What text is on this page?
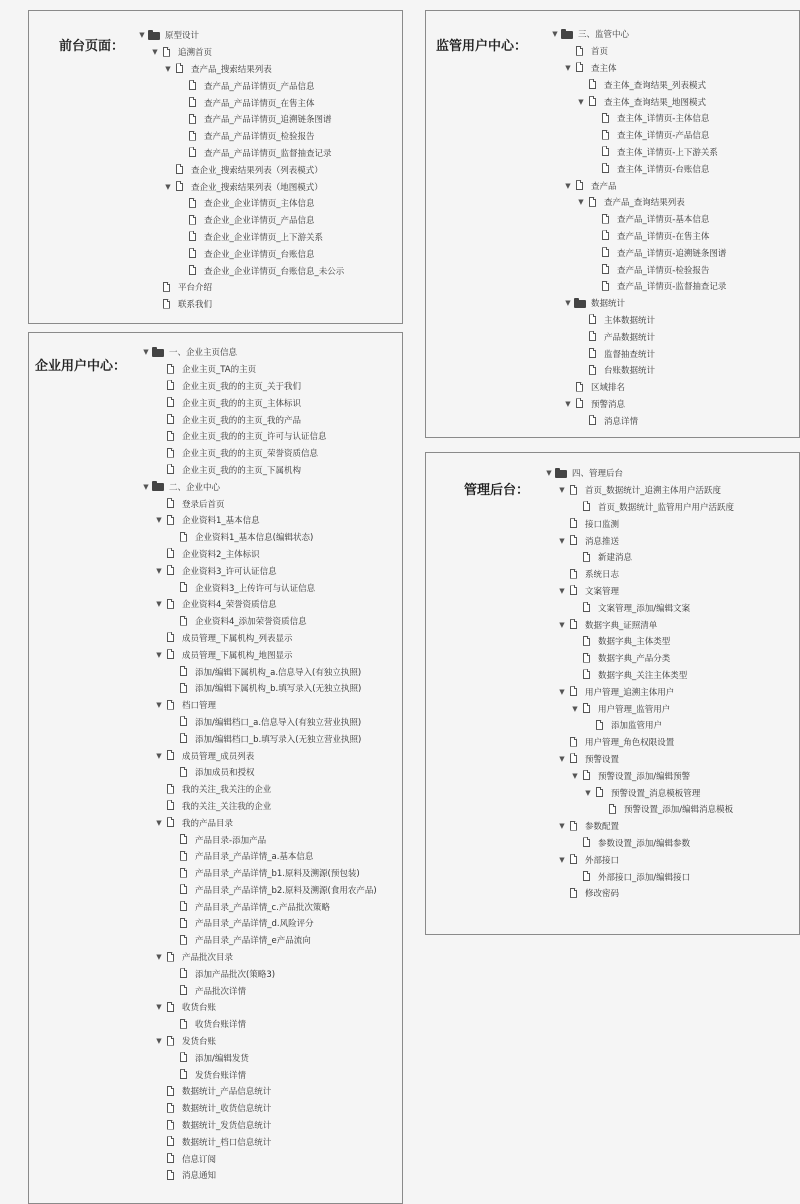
前台页面：
▼ 原型设计
▼ 追溯首页
▼ 查产品_搜索结果列表
查产品_产品详情页_产品信息
查产品_产品详情页_在售主体
查产品_产品详情页_追溯链条图谱
查产品_产品详情页_检验报告
查产品_产品详情页_监督抽查记录
查企业_搜索结果列表（列表模式）
▼ 查企业_搜索结果列表（地图模式）
查企业_企业详情页_主体信息
查企业_企业详情页_产品信息
查企业_企业详情页_上下游关系
查企业_企业详情页_台账信息
查企业_企业详情页_台账信息_未公示
平台介绍
联系我们
监管用户中心：
▼ 三、监管中心
首页
▼ 查主体
查主体_查询结果_列表模式
▼ 查主体_查询结果_地图模式
查主体_详情页-主体信息
查主体_详情页-产品信息
查主体_详情页-上下游关系
查主体_详情页-台账信息
▼ 查产品
▼ 查产品_查询结果列表
查产品_详情页-基本信息
查产品_详情页-在售主体
查产品_详情页-追溯链条图谱
查产品_详情页-检验报告
查产品_详情页-监督抽查记录
▼ 数据统计
主体数据统计
产品数据统计
监督抽查统计
台账数据统计
区域排名
▼ 预警消息
消息详情
企业用户中心：
▼ 一、企业主页信息
企业主页_TA的主页
企业主页_我的的主页_关于我们
企业主页_我的的主页_主体标识
企业主页_我的的主页_我的产品
企业主页_我的的主页_许可与认证信息
企业主页_我的的主页_荣誉资质信息
企业主页_我的的主页_下属机构
▼ 二、企业中心
登录后首页
▼ 企业资料1_基本信息
企业资料1_基本信息(编辑状态)
企业资料2_主体标识
▼ 企业资料3_许可认证信息
企业资料3_上传许可与认证信息
▼ 企业资料4_荣誉资质信息
企业资料4_添加荣誉资质信息
成员管理_下属机构_列表显示
▼ 成员管理_下属机构_地图显示
添加/编辑下属机构_a.信息导入(有独立执照)
添加/编辑下属机构_b.填写录入(无独立执照)
▼ 档口管理
添加/编辑档口_a.信息导入(有独立营业执照)
添加/编辑档口_b.填写录入(无独立营业执照)
▼ 成员管理_成员列表
添加成员和授权
我的关注_我关注的企业
我的关注_关注我的企业
▼ 我的产品目录
产品目录-添加产品
产品目录_产品详情_a.基本信息
产品目录_产品详情_b1.原料及溯源(预包装)
产品目录_产品详情_b2.原料及溯源(食用农产品)
产品目录_产品详情_c.产品批次策略
产品目录_产品详情_d.风险评分
产品目录_产品详情_e产品流向
▼ 产品批次目录
添加产品批次(策略3)
产品批次详情
▼ 收货台账
收货台账详情
▼ 发货台账
添加/编辑发货
发货台账详情
数据统计_产品信息统计
数据统计_收货信息统计
数据统计_发货信息统计
数据统计_档口信息统计
信息订阅
消息通知
管理后台：
▼ 四、管理后台
▼ 首页_数据统计_追溯主体用户活跃度
首页_数据统计_监管用户用户活跃度
接口监测
▼ 消息推送
新建消息
系统日志
▼ 文案管理
文案管理_添加/编辑文案
▼ 数据字典_证照清单
数据字典_主体类型
数据字典_产品分类
数据字典_关注主体类型
▼ 用户管理_追溯主体用户
▼ 用户管理_监管用户
添加监管用户
用户管理_角色权限设置
▼ 预警设置
▼ 预警设置_添加/编辑预警
▼ 预警设置_消息模板管理
预警设置_添加/编辑消息模板
▼ 参数配置
参数设置_添加/编辑参数
▼ 外部接口
外部接口_添加/编辑接口
修改密码
